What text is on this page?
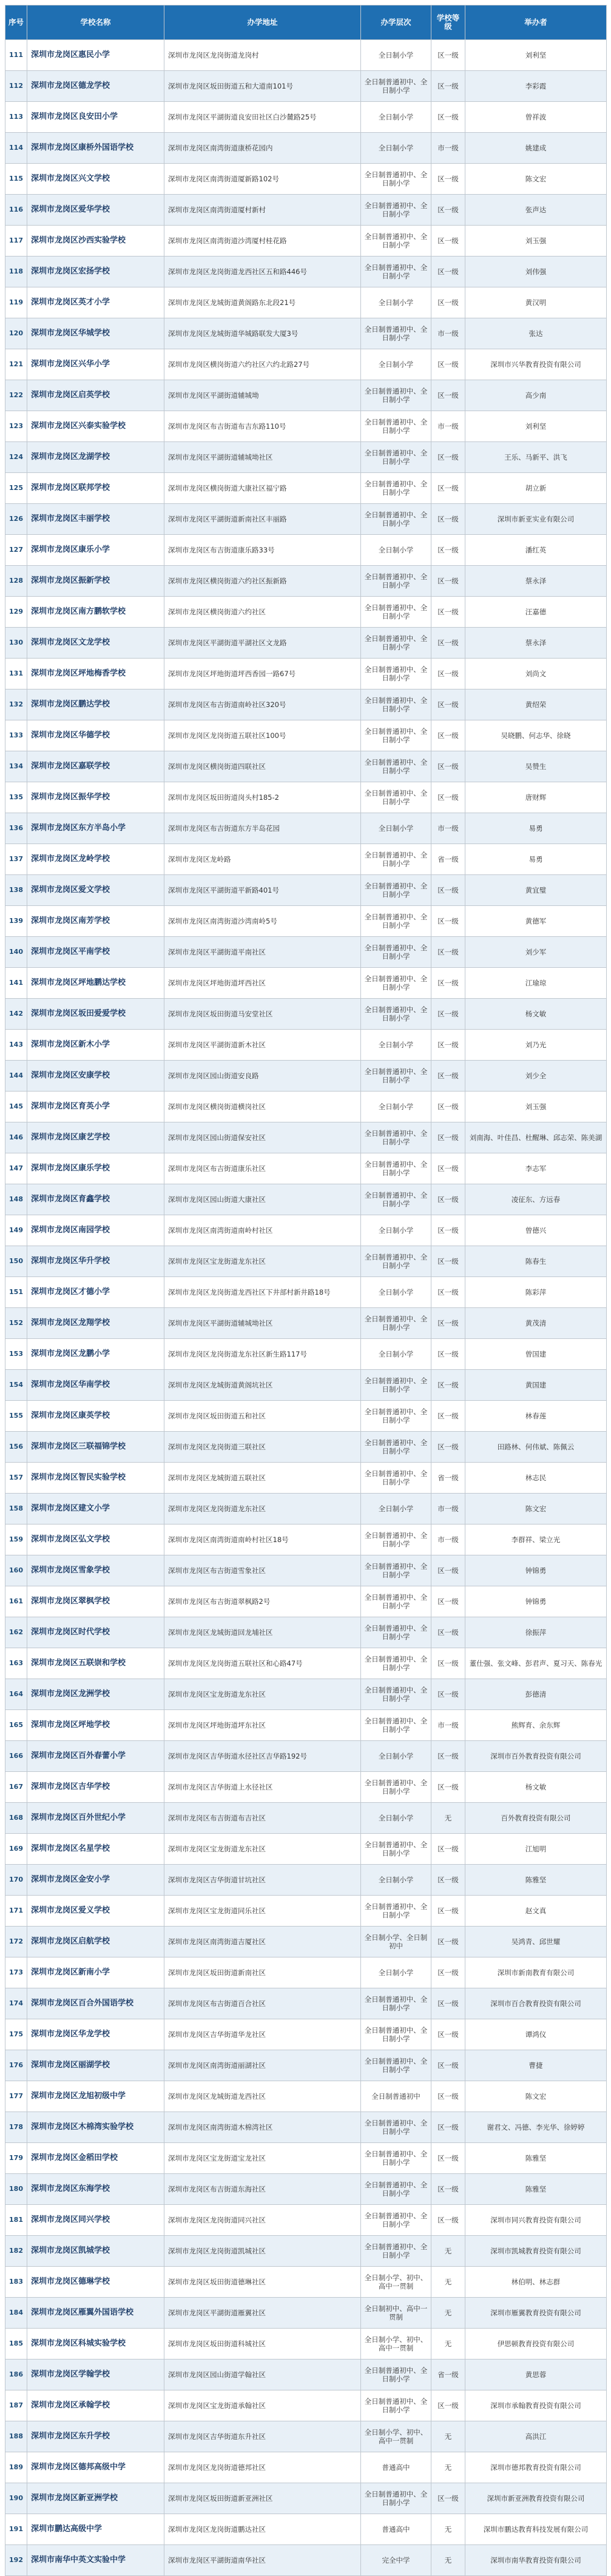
序号	学校名称	办学地址	办学层次	学校等级	举办者
111	深圳市龙岗区惠民小学	深圳市龙岗区龙岗街道龙岗村	全日制小学	区一级	刘利坚
112	深圳市龙岗区德龙学校	深圳市龙岗区坂田街道五和大道南101号	全日制普通初中、全日制小学	区一级	李彩霞
113	深圳市龙岗区良安田小学	深圳市龙岗区平湖街道良安田社区白沙麓路25号	全日制小学	区一级	曾祥波
114	深圳市龙岗区康桥外国语学校	深圳市龙岗区南湾街道康桥花园内	全日制小学	市一级	姚建成
115	深圳市龙岗区兴文学校	深圳市龙岗区南湾街道厦新路102号	全日制普通初中、全日制小学	区一级	陈文宏
116	深圳市龙岗区爱华学校	深圳市龙岗区南湾街道厦村新村	全日制普通初中、全日制小学	区一级	张声达
117	深圳市龙岗区沙西实验学校	深圳市龙岗区南湾街道沙湾厦村桂花路	全日制普通初中、全日制小学	区一级	刘玉强
118	深圳市龙岗区宏扬学校	深圳市龙岗区龙岗街道龙西社区五和路446号	全日制普通初中、全日制小学	区一级	刘伟强
119	深圳市龙岗区英才小学	深圳市龙岗区龙城街道黄阁路东北段21号	全日制小学	区一级	黄汉明
120	深圳市龙岗区华城学校	深圳市龙岗区龙城街道华城路联发大厦3号	全日制普通初中、全日制小学	市一级	张达
121	深圳市龙岗区兴华小学	深圳市龙岗区横岗街道六约社区六约北路27号	全日制小学	区一级	深圳市兴华教育投资有限公司
122	深圳市龙岗区启英学校	深圳市龙岗区平湖街道辅城坳	全日制普通初中、全日制小学	区一级	高少南
123	深圳市龙岗区兴泰实验学校	深圳市龙岗区布吉街道布吉东路110号	全日制普通初中、全日制小学	市一级	刘利坚
124	深圳市龙岗区龙湖学校	深圳市龙岗区平湖街道辅城坳社区	全日制普通初中、全日制小学	区一级	王乐、马新平、洪飞
125	深圳市龙岗区联邦学校	深圳市龙岗区横岗街道大康社区福宁路	全日制普通初中、全日制小学	区一级	胡立新
126	深圳市龙岗区丰丽学校	深圳市龙岗区平湖街道新南社区丰丽路	全日制普通初中、全日制小学	区一级	深圳市新亚实业有限公司
127	深圳市龙岗区康乐小学	深圳市龙岗区布吉街道康乐路33号	全日制小学	区一级	潘红英
128	深圳市龙岗区振新学校	深圳市龙岗区横岗街道六约社区振新路	全日制普通初中、全日制小学	区一级	蔡永泽
129	深圳市龙岗区南方鹏软学校	深圳市龙岗区横岗街道六约社区	全日制普通初中、全日制小学	区一级	汪嘉德
130	深圳市龙岗区文龙学校	深圳市龙岗区平湖街道平湖社区文龙路	全日制普通初中、全日制小学	区一级	蔡永泽
131	深圳市龙岗区坪地梅香学校	深圳市龙岗区坪地街道坪西香园一路67号	全日制普通初中、全日制小学	区一级	刘尚文
132	深圳市龙岗区鹏达学校	深圳市龙岗区布吉街道南岭社区320号	全日制普通初中、全日制小学	区一级	黄绍荣
133	深圳市龙岗区华德学校	深圳市龙岗区龙岗街道五联社区100号	全日制普通初中、全日制小学	区一级	吴晓鹏、何志华、徐晓
134	深圳市龙岗区嘉联学校	深圳市龙岗区横岗街道四联社区	全日制普通初中、全日制小学	区一级	吴赞生
135	深圳市龙岗区振华学校	深圳市龙岗区坂田街道岗头村185-2	全日制普通初中、全日制小学	区一级	唐财辉
136	深圳市龙岗区东方半岛小学	深圳市龙岗区布吉街道东方半岛花园	全日制小学	市一级	易勇
137	深圳市龙岗区龙岭学校	深圳市龙岗区龙岭路	全日制普通初中、全日制小学	省一级	易勇
138	深圳市龙岗区爱文学校	深圳市龙岗区平湖街道平新路401号	全日制普通初中、全日制小学	区一级	黄宜璧
139	深圳市龙岗区南芳学校	深圳市龙岗区南湾街道沙湾南岭5号	全日制普通初中、全日制小学	区一级	黄德军
140	深圳市龙岗区平南学校	深圳市龙岗区平湖街道平南社区	全日制普通初中、全日制小学	区一级	刘少军
141	深圳市龙岗区坪地鹏达学校	深圳市龙岗区坪地街道坪西社区	全日制普通初中、全日制小学	区一级	江瑜琼
142	深圳市龙岗区坂田爱爱学校	深圳市龙岗区坂田街道马安堂社区	全日制普通初中、全日制小学	区一级	杨文敏
143	深圳市龙岗区新木小学	深圳市龙岗区平湖街道新木社区	全日制小学	区一级	刘乃光
144	深圳市龙岗区安康学校	深圳市龙岗区园山街道安良路	全日制普通初中、全日制小学	区一级	刘少全
145	深圳市龙岗区育英小学	深圳市龙岗区横岗街道横岗社区	全日制小学	区一级	刘玉强
146	深圳市龙岗区康艺学校	深圳市龙岗区园山街道保安社区	全日制普通初中、全日制小学	区一级	刘南海、叶佳昌、杜醒琳、邱志荣、陈美湖
147	深圳市龙岗区康乐学校	深圳市龙岗区布吉街道康乐社区	全日制普通初中、全日制小学	区一级	李志军
148	深圳市龙岗区育鑫学校	深圳市龙岗区园山街道大康社区	全日制普通初中、全日制小学	区一级	凌征东、方远春
149	深圳市龙岗区南园学校	深圳市龙岗区南湾街道南岭村社区	全日制小学	区一级	曾德兴
150	深圳市龙岗区华升学校	深圳市龙岗区宝龙街道龙东社区	全日制普通初中、全日制小学	区一级	陈春生
151	深圳市龙岗区才德小学	深圳市龙岗区龙岗街道龙西社区下井部村新井路18号	全日制小学	区一级	陈彩萍
152	深圳市龙岗区龙翔学校	深圳市龙岗区平湖街道辅城坳社区	全日制普通初中、全日制小学	区一级	黄茂清
153	深圳市龙岗区龙鹏小学	深圳市龙岗区龙岗街道龙东社区新生路117号	全日制小学	区一级	曾国建
154	深圳市龙岗区华南学校	深圳市龙岗区龙城街道黄阁坑社区	全日制普通初中、全日制小学	区一级	黄国建
155	深圳市龙岗区康英学校	深圳市龙岗区坂田街道五和社区	全日制普通初中、全日制小学	区一级	林春莲
156	深圳市龙岗区三联福锦学校	深圳市龙岗区龙岗街道三联社区	全日制普通初中、全日制小学	区一级	田路林、何伟斌、陈佩云
157	深圳市龙岗区智民实验学校	深圳市龙岗区龙城街道五联社区	全日制普通初中、全日制小学	省一级	林志民
158	深圳市龙岗区建文小学	深圳市龙岗区龙岗街道龙东社区	全日制小学	市一级	陈文宏
159	深圳市龙岗区弘文学校	深圳市龙岗区南湾街道南岭村社区18号	全日制普通初中、全日制小学	市一级	李群祥、梁立光
160	深圳市龙岗区雪象学校	深圳市龙岗区布吉街道雪象社区	全日制普通初中、全日制小学	区一级	钟锦勇
161	深圳市龙岗区翠枫学校	深圳市龙岗区布吉街道翠枫路2号	全日制普通初中、全日制小学	区一级	钟锦勇
162	深圳市龙岗区时代学校	深圳市龙岗区龙城街道回龙埔社区	全日制普通初中、全日制小学	区一级	徐振萍
163	深圳市龙岗区五联崇和学校	深圳市龙岗区龙岗街道五联社区和心路47号	全日制普通初中、全日制小学	区一级	董仕强、张文峰、彭君声、夏习天、陈春光
164	深圳市龙岗区龙洲学校	深圳市龙岗区宝龙街道龙东社区	全日制普通初中、全日制小学	区一级	彭德清
165	深圳市龙岗区坪地学校	深圳市龙岗区坪地街道坪东社区	全日制普通初中、全日制小学	市一级	熊辉育、余东辉
166	深圳市龙岗区百外春蕾小学	深圳市龙岗区吉华街道水径社区吉华路192号	全日制小学	区一级	深圳市百外教育投资有限公司
167	深圳市龙岗区吉华学校	深圳市龙岗区吉华街道上水径社区	全日制普通初中、全日制小学	区一级	杨文敏
168	深圳市龙岗区百外世纪小学	深圳市龙岗区布吉街道布吉社区	全日制小学	无	百外教育投资有限公司
169	深圳市龙岗区名星学校	深圳市龙岗区宝龙街道龙东社区	全日制普通初中、全日制小学	区一级	江旭明
170	深圳市龙岗区金安小学	深圳市龙岗区吉华街道甘坑社区	全日制小学	区一级	陈雅坚
171	深圳市龙岗区爱义学校	深圳市龙岗区宝龙街道同乐社区	全日制普通初中、全日制小学	区一级	赵文真
172	深圳市龙岗区启航学校	深圳市龙岗区南湾街道吉厦社区	全日制小学、全日制初中	区一级	吴鸿青、邱世耀
173	深圳市龙岗区新南小学	深圳市龙岗区坂田街道新南社区	全日制小学	区一级	深圳市新南教育有限公司
174	深圳市龙岗区百合外国语学校	深圳市龙岗区布吉街道百合社区	全日制普通初中、全日制小学	区一级	深圳市百合教育投资有限公司
175	深圳市龙岗区华龙学校	深圳市龙岗区吉华街道华龙社区	全日制普通初中、全日制小学	区一级	谭鸿仪
176	深圳市龙岗区丽湖学校	深圳市龙岗区南湾街道丽湖社区	全日制普通初中、全日制小学	区一级	曹捷
177	深圳市龙岗区龙旭初级中学	深圳市龙岗区龙城街道龙西社区	全日制普通初中	区一级	陈文宏
178	深圳市龙岗区木棉湾实验学校	深圳市龙岗区南湾街道木棉湾社区	全日制普通初中、全日制小学	区一级	谢君文、冯德、李光华、徐婷婷
179	深圳市龙岗区金稻田学校	深圳市龙岗区宝龙街道宝龙社区	全日制普通初中、全日制小学	区一级	陈雅坚
180	深圳市龙岗区东海学校	深圳市龙岗区布吉街道东海社区	全日制普通初中、全日制小学	区一级	陈雅坚
181	深圳市龙岗区同兴学校	深圳市龙岗区龙岗街道同兴社区	全日制普通初中、全日制小学	区一级	深圳市同兴教育投资有限公司
182	深圳市龙岗区凯城学校	深圳市龙岗区龙岗街道凯城社区	全日制普通初中、全日制小学	无	深圳市凯城教育投资有限公司
183	深圳市龙岗区德琳学校	深圳市龙岗区坂田街道德琳社区	全日制小学、初中、高中一贯制	无	林伯明、林志群
184	深圳市龙岗区雁翼外国语学校	深圳市龙岗区平湖街道雁翼社区	全日制初中、高中一贯制	无	深圳市雁翼教育投资有限公司
185	深圳市龙岗区科城实验学校	深圳市龙岗区坂田街道科城社区	全日制小学、初中、高中一贯制	无	伊思顿教育投资有限公司
186	深圳市龙岗区学翰学校	深圳市龙岗区园山街道学翰社区	全日制普通初中、全日制小学	省一级	黄思蓉
187	深圳市龙岗区承翰学校	深圳市龙岗区宝龙街道承翰社区	全日制普通初中、全日制小学	区一级	深圳市承翰教育投资有限公司
188	深圳市龙岗区东升学校	深圳市龙岗区吉华街道东升社区	全日制小学、初中、高中一贯制	无	高洪江
189	深圳市龙岗区德邦高级中学	深圳市龙岗区龙岗街道德邦社区	普通高中	无	深圳市德邦教育投资有限公司
190	深圳市龙岗区新亚洲学校	深圳市龙岗区坂田街道新亚洲社区	全日制普通初中、全日制小学	区一级	深圳市新亚洲教育投资有限公司
191	深圳市鹏达高级中学	深圳市龙岗区龙岗街道鹏达社区	普通高中	无	深圳市鹏达教育科技发展有限公司
192	深圳市南华中英文实验中学	深圳市龙岗区平湖街道南华社区	完全中学	无	深圳市南华教育投资有限公司
